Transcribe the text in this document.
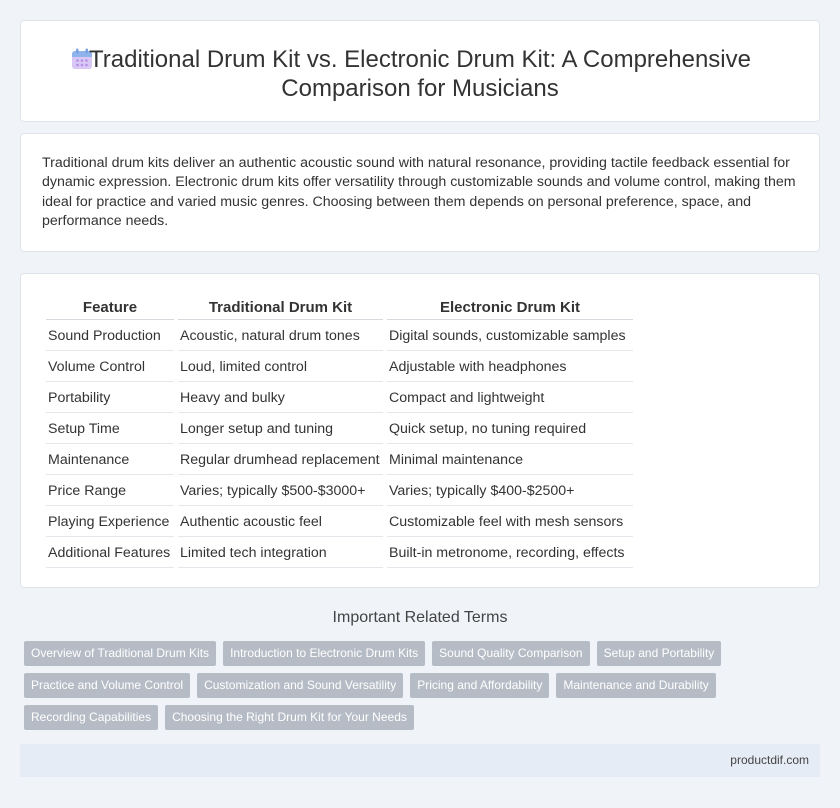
Traditional Drum Kit vs. Electronic Drum Kit: A Comprehensive
Comparison for Musicians

Traditional drum kits deliver an authentic acoustic sound with natural resonance, providing tactile feedback essential for dynamic expression. Electronic drum kits offer versatility through customizable sounds and volume control, making them ideal for practice and varied music genres. Choosing between them depends on personal preference, space, and performance needs.

Feature	Traditional Drum Kit	Electronic Drum Kit
Sound Production	Acoustic, natural drum tones	Digital sounds, customizable samples
Volume Control	Loud, limited control	Adjustable with headphones
Portability	Heavy and bulky	Compact and lightweight
Setup Time	Longer setup and tuning	Quick setup, no tuning required
Maintenance	Regular drumhead replacement	Minimal maintenance
Price Range	Varies; typically $500-$3000+	Varies; typically $400-$2500+
Playing Experience	Authentic acoustic feel	Customizable feel with mesh sensors
Additional Features	Limited tech integration	Built-in metronome, recording, effects
Important Related Terms
Overview of Traditional Drum Kits	Introduction to Electronic Drum Kits	Sound Quality Comparison	Setup and Portability
Practice and Volume Control	Customization and Sound Versatility	Pricing and Affordability	Maintenance and Durability
Recording Capabilities	Choosing the Right Drum Kit for Your Needs
productdif.com
